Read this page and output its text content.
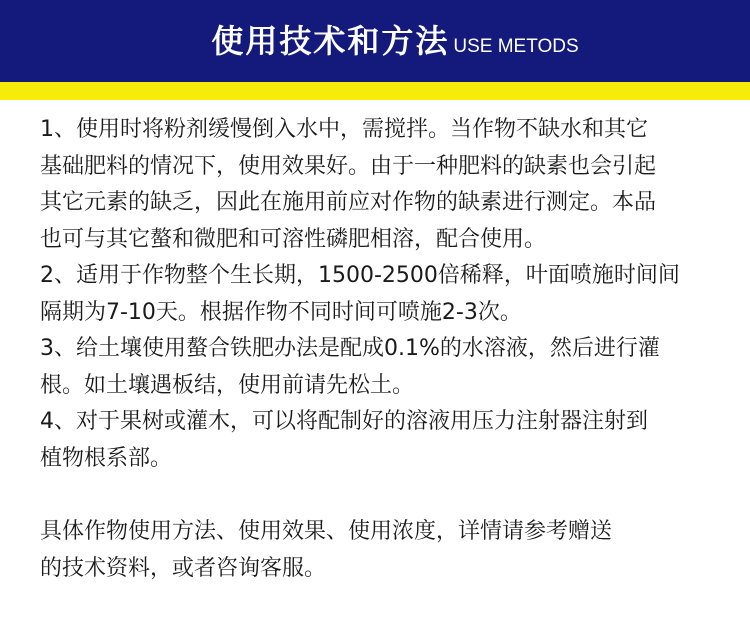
使用技术和方法 USE METODS

1、使用时将粉剂缓慢倒入水中，需搅拌。当作物不缺水和其它

基础肥料的情况下，使用效果好。由于一种肥料的缺素也会引起

其它元素的缺乏，因此在施用前应对作物的缺素进行测定。本品

也可与其它螯和微肥和可溶性磷肥相溶，配合使用。

2、适用于作物整个生长期，1500-2500倍稀释，叶面喷施时间间

隔期为7-10天。根据作物不同时间可喷施2-3次。

3、给土壤使用螯合铁肥办法是配成0.1%的水溶液，然后进行灌

根。如土壤遇板结，使用前请先松土。

4、对于果树或灌木，可以将配制好的溶液用压力注射器注射到

植物根系部。

具体作物使用方法、使用效果、使用浓度，详情请参考赠送

的技术资料，或者咨询客服。
